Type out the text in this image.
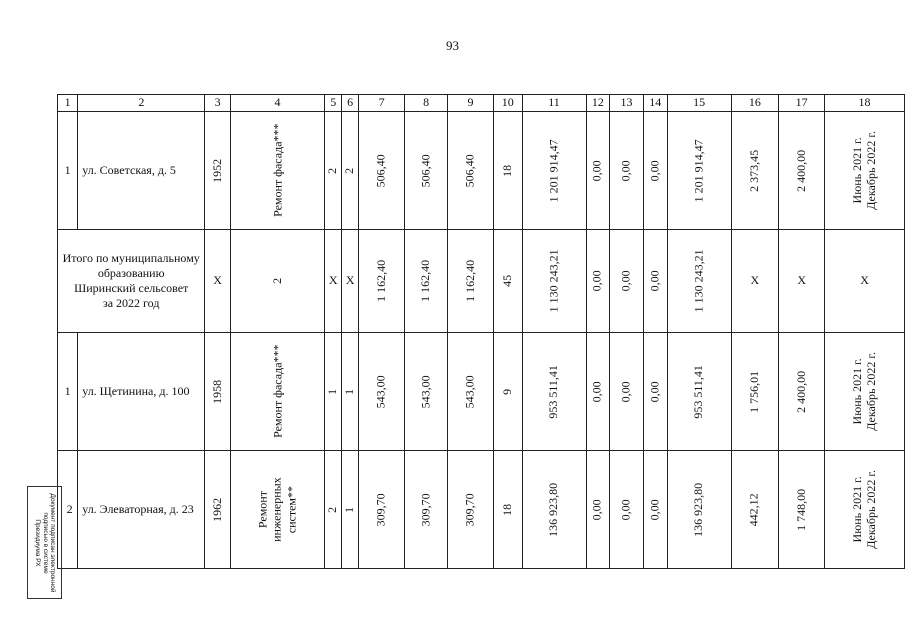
93
1	2	3	4	5	6	7	8	9	10	11	12	13	14	15	16	17	18
1	ул. Советская, д. 5	1952	Ремонт фасада***	2	2	506,40	506,40	506,40	18	1 201 914,47	0,00	0,00	0,00	1 201 914,47	2 373,45	2 400,00	Июнь 2021 г.
Декабрь 2022 г.
Итого по муниципальному
образованию
Ширинский сельсовет
за 2022 год		X	2	X	X	1 162,40	1 162,40	1 162,40	45	1 130 243,21	0,00	0,00	0,00	1 130 243,21	X	X	X
1	ул. Щетинина, д. 100	1958	Ремонт фасада***	1	1	543,00	543,00	543,00	9	953 511,41	0,00	0,00	0,00	953 511,41	1 756,01	2 400,00	Июнь 2021 г.
Декабрь 2022 г.
2	ул. Элеваторная, д. 23	1962	Ремонт
инженерных
систем**	2	1	309,70	309,70	309,70	18	136 923,80	0,00	0,00	0,00	136 923,80	442,12	1 748,00	Июнь 2021 г.
Декабрь 2022 г.
Документ подписан электронной
подписью в системе
Президиума РХ
